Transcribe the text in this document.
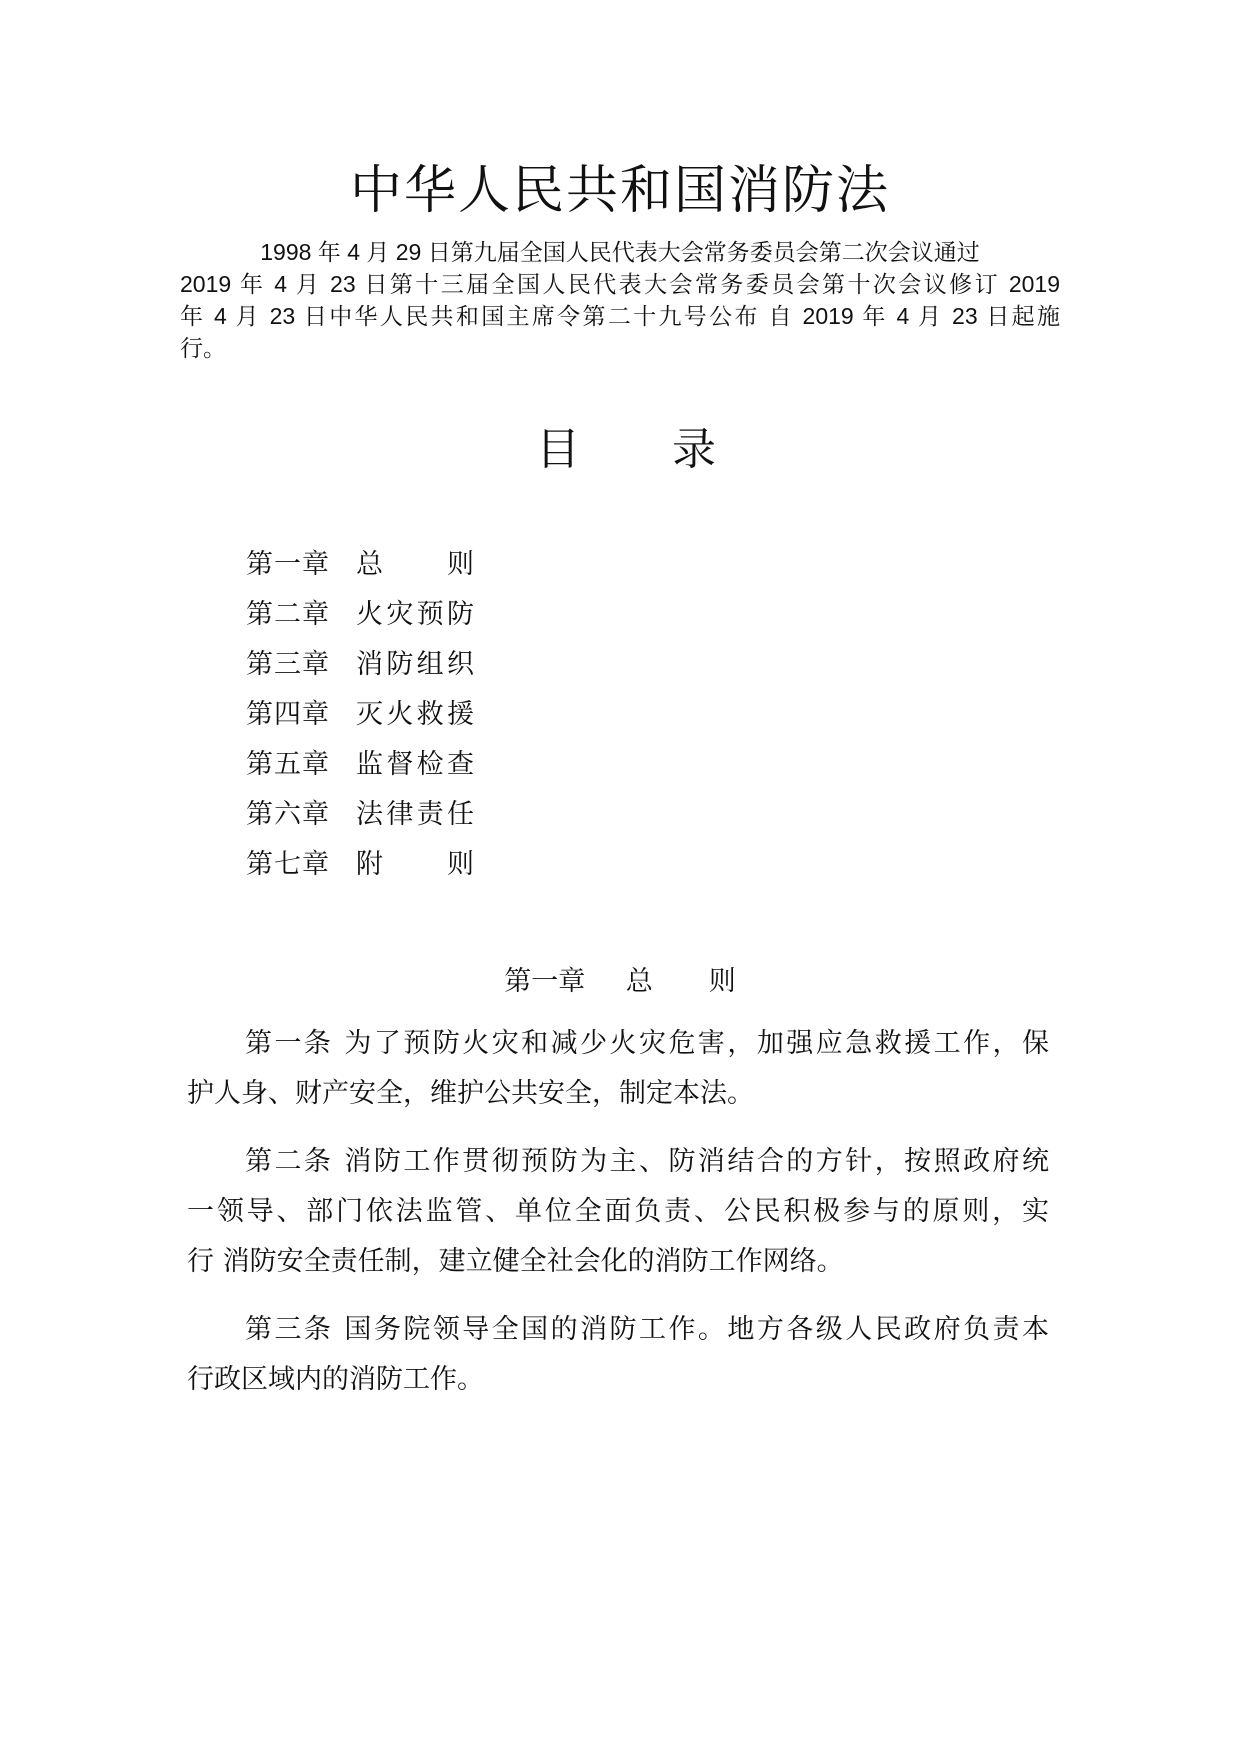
中华人民共和国消防法
1998 年 4 月 29 日第九届全国人民代表大会常务委员会第二次会议通过
2019 年 4 月 23 日第十三届全国人民代表大会常务委员会第十次会议修订 2019
年 4 月 23 日中华人民共和国主席令第二十九号公布 自 2019 年 4 月 23 日起施
行。
目 录
第一章 总 则
第二章 火灾预防
第三章 消防组织
第四章 灭火救援
第五章 监督检查
第六章 法律责任
第七章 附 则
第一章 总 则

第一条 为了预防火灾和减少火灾危害，加强应急救援工作，保
护人身、财产安全，维护公共安全，制定本法。

第二条 消防工作贯彻预防为主、防消结合的方针，按照政府统
一领导、部门依法监管、单位全面负责、公民积极参与的原则，实
行 消防安全责任制，建立健全社会化的消防工作网络。

第三条 国务院领导全国的消防工作。地方各级人民政府负责本
行政区域内的消防工作。
